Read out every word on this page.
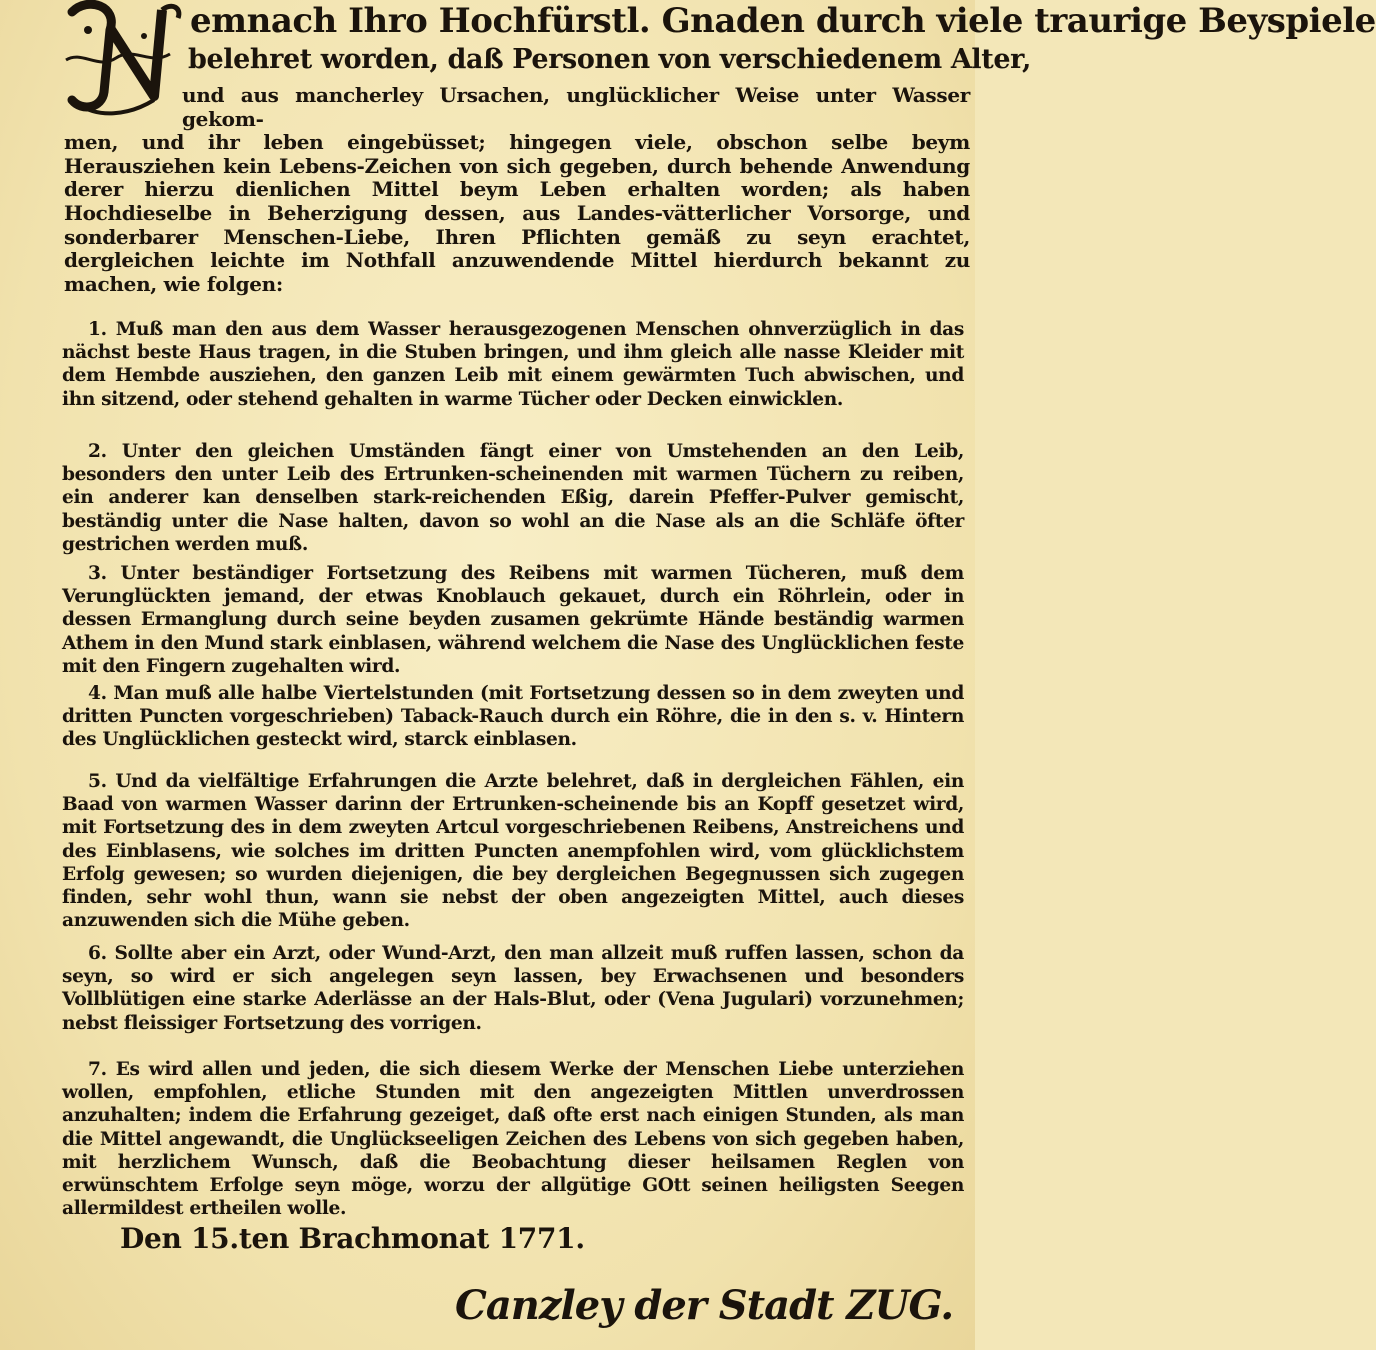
emnach Ihro Hochfürstl. Gnaden durch viele traurige Beyspiele
belehret worden, daß Personen von verschiedenem Alter,
und aus mancherley Ursachen, unglücklicher Weise unter Wasser gekom-
men, und ihr leben eingebüsset; hingegen viele, obschon selbe beym Herausziehen kein Lebens-Zeichen von sich gegeben, durch behende Anwendung derer hierzu dienlichen Mittel beym Leben erhalten worden; als haben Hochdieselbe in Beherzigung dessen, aus Landes-vätterlicher Vorsorge, und sonderbarer Menschen-Liebe, Ihren Pflichten gemäß zu seyn erachtet, dergleichen leichte im Nothfall anzuwendende Mittel hierdurch bekannt zu machen, wie folgen:
1. Muß man den aus dem Wasser herausgezogenen Menschen ohnverzüglich in das nächst beste Haus tragen, in die Stuben bringen, und ihm gleich alle nasse Kleider mit dem Hembde ausziehen, den ganzen Leib mit einem gewärmten Tuch abwischen, und ihn sitzend, oder stehend gehalten in warme Tücher oder Decken einwicklen.
2. Unter den gleichen Umständen fängt einer von Umstehenden an den Leib, besonders den unter Leib des Ertrunken-scheinenden mit warmen Tüchern zu reiben, ein anderer kan denselben stark-reichenden Eßig, darein Pfeffer-Pulver gemischt, beständig unter die Nase halten, davon so wohl an die Nase als an die Schläfe öfter gestrichen werden muß.
3. Unter beständiger Fortsetzung des Reibens mit warmen Tücheren, muß dem Verunglückten jemand, der etwas Knoblauch gekauet, durch ein Röhrlein, oder in dessen Ermanglung durch seine beyden zusamen gekrümte Hände beständig warmen Athem in den Mund stark einblasen, während welchem die Nase des Unglücklichen feste mit den Fingern zugehalten wird.
4. Man muß alle halbe Viertelstunden (mit Fortsetzung dessen so in dem zweyten und dritten Puncten vorgeschrieben) Taback-Rauch durch ein Röhre, die in den s. v. Hintern des Unglücklichen gesteckt wird, starck einblasen.
5. Und da vielfältige Erfahrungen die Arzte belehret, daß in dergleichen Fählen, ein Baad von warmen Wasser darinn der Ertrunken-scheinende bis an Kopff gesetzet wird, mit Fortsetzung des in dem zweyten Artcul vorgeschriebenen Reibens, Anstreichens und des Einblasens, wie solches im dritten Puncten anempfohlen wird, vom glücklichstem Erfolg gewesen; so wurden diejenigen, die bey dergleichen Begegnussen sich zugegen finden, sehr wohl thun, wann sie nebst der oben angezeigten Mittel, auch dieses anzuwenden sich die Mühe geben.
6. Sollte aber ein Arzt, oder Wund-Arzt, den man allzeit muß ruffen lassen, schon da seyn, so wird er sich angelegen seyn lassen, bey Erwachsenen und besonders Vollblütigen eine starke Aderlässe an der Hals-Blut, oder (Vena Jugulari) vorzunehmen; nebst fleissiger Fortsetzung des vorrigen.
7. Es wird allen und jeden, die sich diesem Werke der Menschen Liebe unterziehen wollen, empfohlen, etliche Stunden mit den angezeigten Mittlen unverdrossen anzuhalten; indem die Erfahrung gezeiget, daß ofte erst nach einigen Stunden, als man die Mittel angewandt, die Unglückseeligen Zeichen des Lebens von sich gegeben haben, mit herzlichem Wunsch, daß die Beobachtung dieser heilsamen Reglen von erwünschtem Erfolge seyn möge, worzu der allgütige GOtt seinen heiligsten Seegen allermildest ertheilen wolle.
Den 15.ten Brachmonat 1771.
Canzley der Stadt ZUG.
